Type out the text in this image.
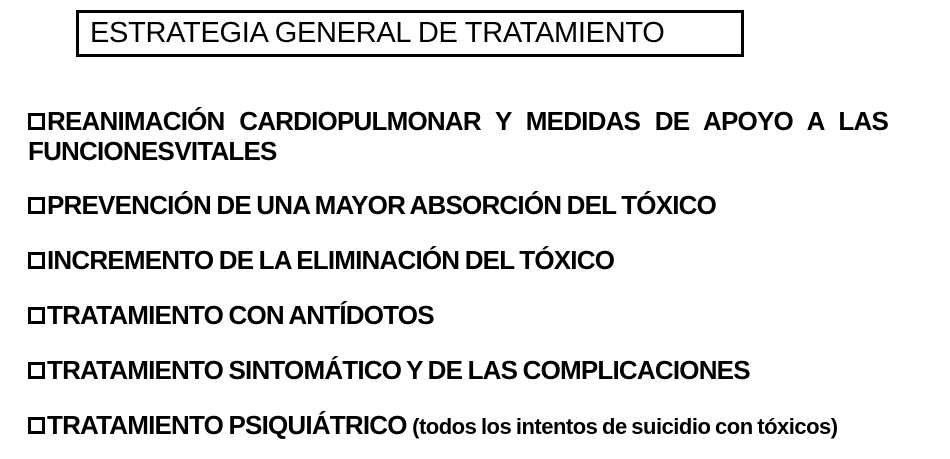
ESTRATEGIA GENERAL DE TRATAMIENTO

REANIMACIÓN CARDIOPULMONAR Y MEDIDAS DE APOYO A LAS FUNCIONES VITALES

PREVENCIÓN DE UNA MAYOR ABSORCIÓN DEL TÓXICO

INCREMENTO DE LA ELIMINACIÓN DEL TÓXICO

TRATAMIENTO CON ANTÍDOTOS

TRATAMIENTO SINTOMÁTICO Y DE LAS COMPLICACIONES

TRATAMIENTO PSIQUIÁTRICO (todos los intentos de suicidio con tóxicos)
